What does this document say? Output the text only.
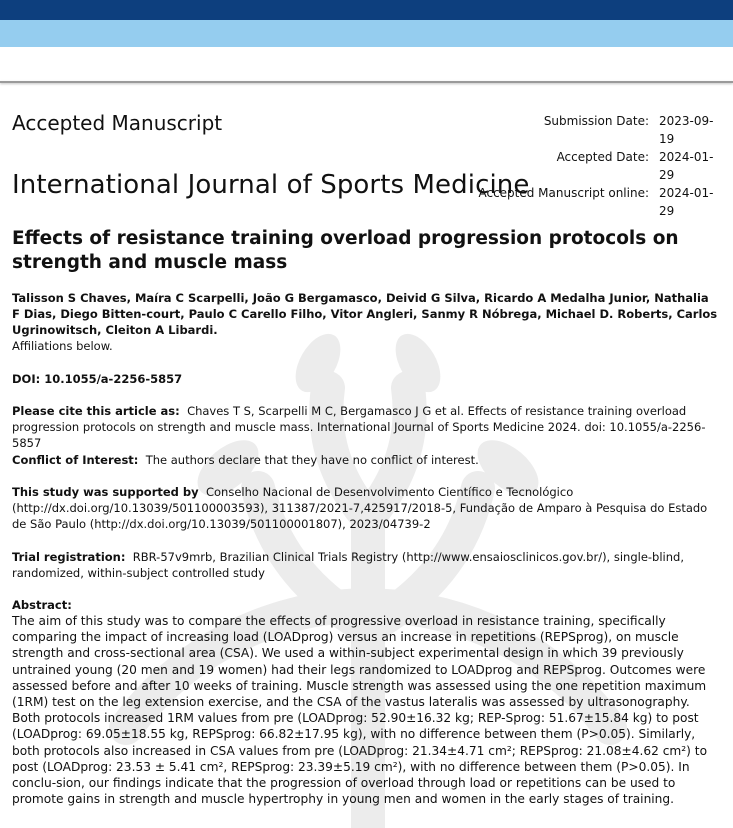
Accepted Manuscript	Submission Date: 2023-09-19
Accepted Date: 2024-01-29
Accepted Manuscript online: 2024-01-29
International Journal of Sports Medicine
Effects of resistance training overload progression protocols on strength and muscle mass
Talisson S Chaves, Maíra C Scarpelli, João G Bergamasco, Deivid G Silva, Ricardo A Medalha Junior, Nathalia F Dias, Diego Bitten-court, Paulo C Carello Filho, Vitor Angleri, Sanmy R Nóbrega, Michael D. Roberts, Carlos Ugrinowitsch, Cleiton A Libardi.
Affiliations below.
DOI: 10.1055/a-2256-5857
Please cite this article as: Chaves T S, Scarpelli M C, Bergamasco J G et al. Effects of resistance training overload progression protocols on strength and muscle mass. International Journal of Sports Medicine 2024. doi: 10.1055/a-2256-5857
Conflict of Interest: The authors declare that they have no conflict of interest.
This study was supported by Conselho Nacional de Desenvolvimento Científico e Tecnológico (http://dx.doi.org/10.13039/501100003593), 311387/2021-7,425917/2018-5, Fundação de Amparo à Pesquisa do Estado de São Paulo (http://dx.doi.org/10.13039/501100001807), 2023/04739-2
Trial registration: RBR-57v9mrb, Brazilian Clinical Trials Registry (http://www.ensaiosclinicos.gov.br/), single-blind, randomized, within-subject controlled study
Abstract:
The aim of this study was to compare the effects of progressive overload in resistance training, specifically comparing the impact of increasing load (LOADprog) versus an increase in repetitions (REPSprog), on muscle strength and cross-sectional area (CSA). We used a within-subject experimental design in which 39 previously untrained young (20 men and 19 women) had their legs randomized to LOADprog and REPSprog. Outcomes were assessed before and after 10 weeks of training. Muscle strength was assessed using the one repetition maximum (1RM) test on the leg extension exercise, and the CSA of the vastus lateralis was assessed by ultrasonography. Both protocols increased 1RM values from pre (LOADprog: 52.90±16.32 kg; REP-Sprog: 51.67±15.84 kg) to post (LOADprog: 69.05±18.55 kg, REPSprog: 66.82±17.95 kg), with no difference between them (P>0.05). Similarly, both protocols also increased in CSA values from pre (LOADprog: 21.34±4.71 cm²; REPSprog: 21.08±4.62 cm²) to post (LOADprog: 23.53 ± 5.41 cm², REPSprog: 23.39±5.19 cm²), with no difference between them (P>0.05). In conclu-sion, our findings indicate that the progression of overload through load or repetitions can be used to promote gains in strength and muscle hypertrophy in young men and women in the early stages of training.
